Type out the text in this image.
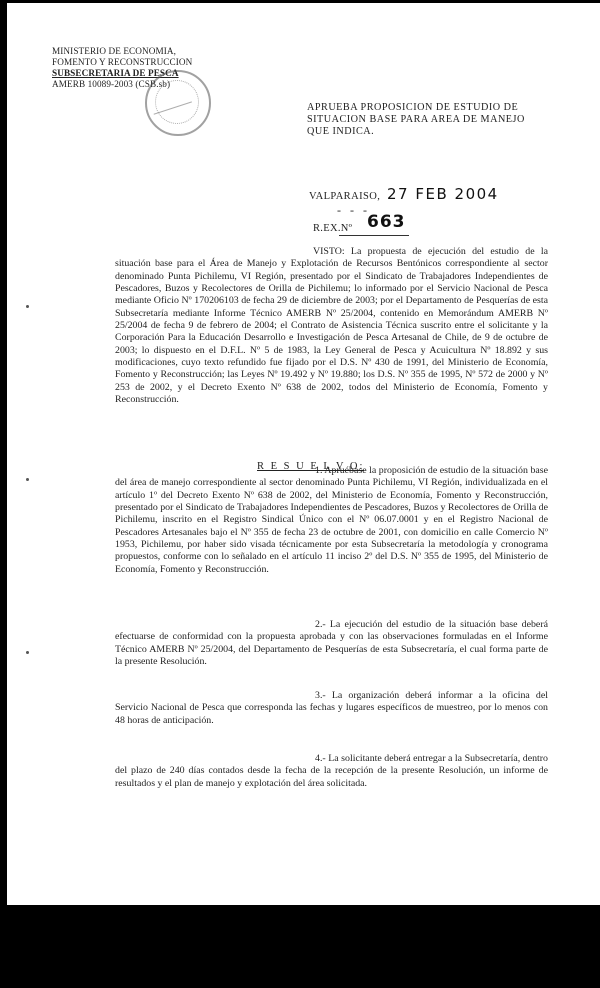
MINISTERIO DE ECONOMIA,
FOMENTO Y RECONSTRUCCION
SUBSECRETARIA DE PESCA
AMERB 10089-2003 (CSB.sb)
APRUEBA PROPOSICION DE ESTUDIO DE SITUACION BASE PARA AREA DE MANEJO QUE INDICA.
VALPARAISO, 27 FEB 2004
- - -
R.EX.Nº 663
VISTO: La propuesta de ejecución del estudio de la situación base para el Área de Manejo y Explotación de Recursos Bentónicos correspondiente al sector denominado Punta Pichilemu, VI Región, presentado por el Sindicato de Trabajadores Independientes de Pescadores, Buzos y Recolectores de Orilla de Pichilemu; lo informado por el Servicio Nacional de Pesca mediante Oficio Nº 170206103 de fecha 29 de diciembre de 2003; por el Departamento de Pesquerías de esta Subsecretaría mediante Informe Técnico AMERB Nº 25/2004, contenido en Memorándum AMERB Nº 25/2004 de fecha 9 de febrero de 2004; el Contrato de Asistencia Técnica suscrito entre el solicitante y la Corporación Para la Educación Desarrollo e Investigación de Pesca Artesanal de Chile, de 9 de octubre de 2003; lo dispuesto en el D.F.L. Nº 5 de 1983, la Ley General de Pesca y Acuicultura Nº 18.892 y sus modificaciones, cuyo texto refundido fue fijado por el D.S. Nº 430 de 1991, del Ministerio de Economía, Fomento y Reconstrucción; las Leyes Nº 19.492 y Nº 19.880; los D.S. Nº 355 de 1995, Nº 572 de 2000 y Nº 253 de 2002, y el Decreto Exento Nº 638 de 2002, todos del Ministerio de Economía, Fomento y Reconstrucción.
R E S U E L V O:
1. Apruébase la proposición de estudio de la situación base del área de manejo correspondiente al sector denominado Punta Pichilemu, VI Región, individualizada en el artículo 1º del Decreto Exento Nº 638 de 2002, del Ministerio de Economía, Fomento y Reconstrucción, presentado por el Sindicato de Trabajadores Independientes de Pescadores, Buzos y Recolectores de Orilla de Pichilemu, inscrito en el Registro Sindical Único con el Nº 06.07.0001 y en el Registro Nacional de Pescadores Artesanales bajo el Nº 355 de fecha 23 de octubre de 2001, con domicilio en calle Comercio Nº 1953, Pichilemu, por haber sido visada técnicamente por esta Subsecretaría la metodología y cronograma propuestos, conforme con lo señalado en el artículo 11 inciso 2º del D.S. Nº 355 de 1995, del Ministerio de Economía, Fomento y Reconstrucción.
2.- La ejecución del estudio de la situación base deberá efectuarse de conformidad con la propuesta aprobada y con las observaciones formuladas en el Informe Técnico AMERB Nº 25/2004, del Departamento de Pesquerías de esta Subsecretaría, el cual forma parte de la presente Resolución.
3.- La organización deberá informar a la oficina del Servicio Nacional de Pesca que corresponda las fechas y lugares específicos de muestreo, por lo menos con 48 horas de anticipación.
4.- La solicitante deberá entregar a la Subsecretaría, dentro del plazo de 240 días contados desde la fecha de la recepción de la presente Resolución, un informe de resultados y el plan de manejo y explotación del área solicitada.
